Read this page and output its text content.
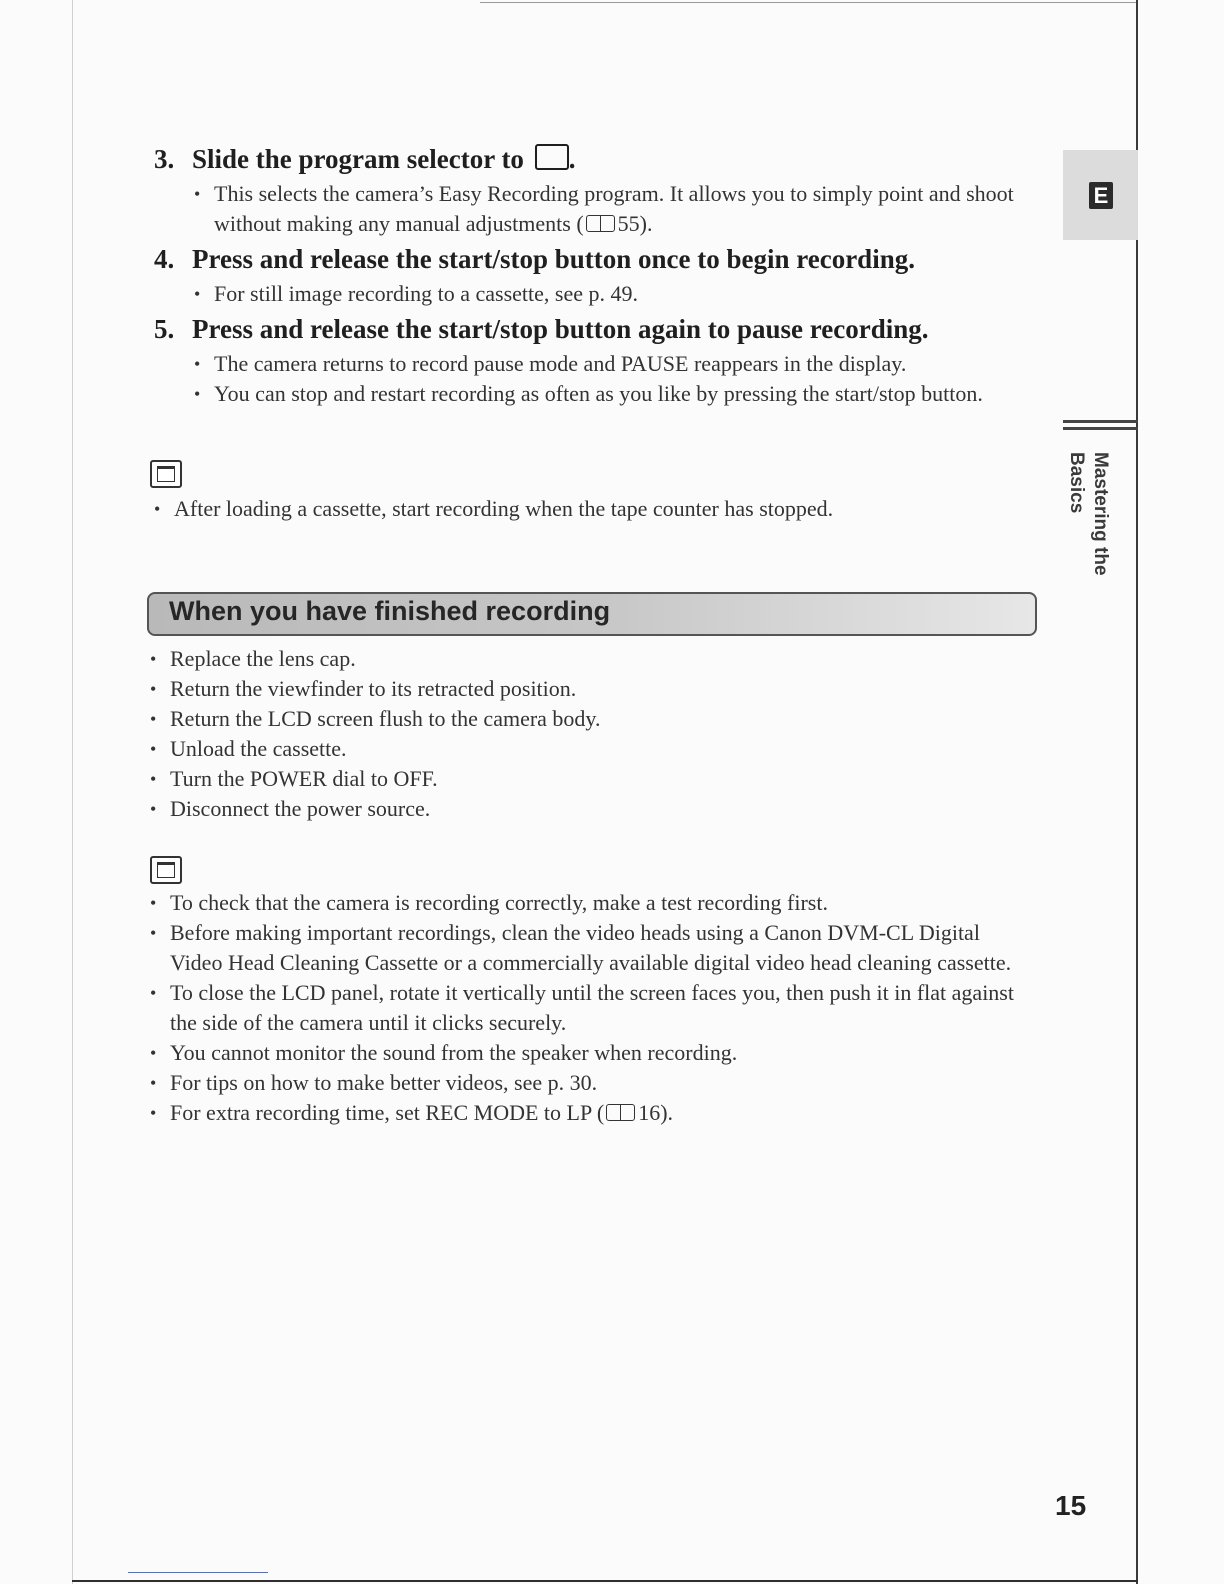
3. Slide the program selector to .
• This selects the camera’s Easy Recording program. It allows you to simply point and shoot without making any manual adjustments ( 55).
4. Press and release the start/stop button once to begin recording.
• For still image recording to a cassette, see p. 49.
5. Press and release the start/stop button again to pause recording.
• The camera returns to record pause mode and PAUSE reappears in the display.
• You can stop and restart recording as often as you like by pressing the start/stop button.
• After loading a cassette, start recording when the tape counter has stopped.
When you have finished recording
• Replace the lens cap.
• Return the viewfinder to its retracted position.
• Return the LCD screen flush to the camera body.
• Unload the cassette.
• Turn the POWER dial to OFF.
• Disconnect the power source.
• To check that the camera is recording correctly, make a test recording first.
• Before making important recordings, clean the video heads using a Canon DVM-CL Digital Video Head Cleaning Cassette or a commercially available digital video head cleaning cassette.
• To close the LCD panel, rotate it vertically until the screen faces you, then push it in flat against the side of the camera until it clicks securely.
• You cannot monitor the sound from the speaker when recording.
• For tips on how to make better videos, see p. 30.
• For extra recording time, set REC MODE to LP ( 16).
E
Mastering the Basics
15
